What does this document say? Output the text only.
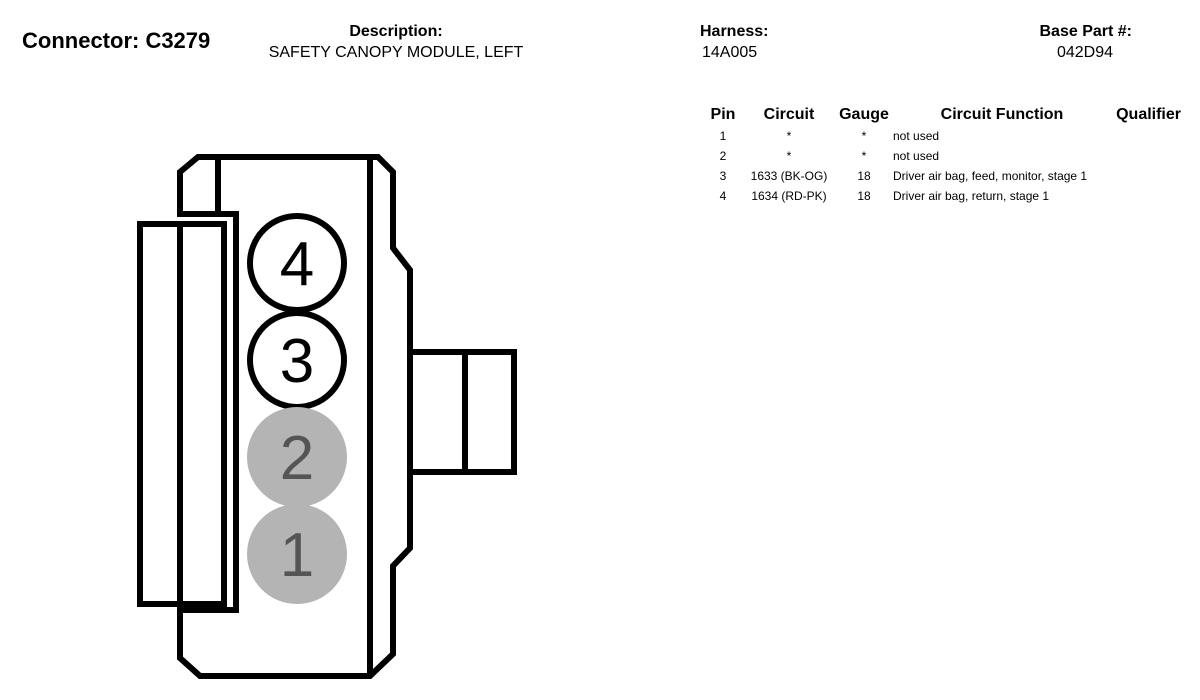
Connector: C3279	Description:
SAFETY CANOPY MODULE, LEFT
Harness:
14A005
Base Part #:
042D94
Pin	Circuit	Gauge	Circuit Function	Qualifier
1	*	*	not used	
2	*	*	not used	
3	1633 (BK-OG)	18	Driver air bag, feed, monitor, stage 1	
4	1634 (RD-PK)	18	Driver air bag, return, stage 1	
4
3
2
1
